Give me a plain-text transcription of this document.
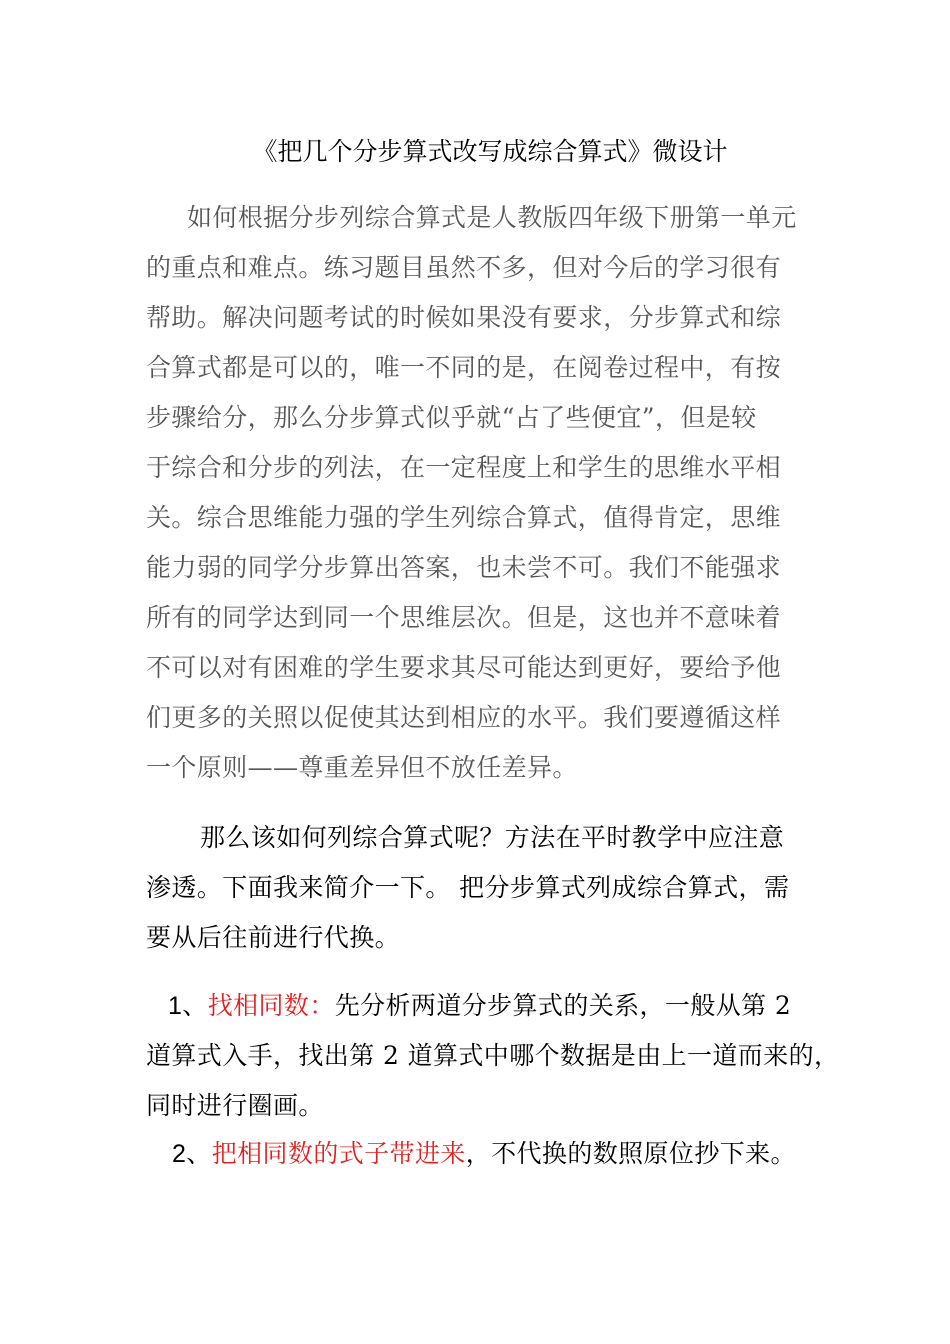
《把几个分步算式改写成综合算式》微设计
如何根据分步列综合算式是人教版四年级下册第一单元
的重点和难点。练习题目虽然不多，但对今后的学习很有
帮助。解决问题考试的时候如果没有要求，分步算式和综
合算式都是可以的，唯一不同的是，在阅卷过程中，有按
步骤给分，那么分步算式似乎就“占了些便宜”，但是较
于综合和分步的列法，在一定程度上和学生的思维水平相
关。综合思维能力强的学生列综合算式，值得肯定，思维
能力弱的同学分步算出答案，也未尝不可。我们不能强求
所有的同学达到同一个思维层次。但是，这也并不意味着
不可以对有困难的学生要求其尽可能达到更好，要给予他
们更多的关照以促使其达到相应的水平。我们要遵循这样
一个原则——尊重差异但不放任差异。
那么该如何列综合算式呢？方法在平时教学中应注意
渗透。下面我来简介一下。 把分步算式列成综合算式，需
要从后往前进行代换。
1、找相同数：先分析两道分步算式的关系，一般从第 2
道算式入手，找出第 2 道算式中哪个数据是由上一道而来的，
同时进行圈画。
2、把相同数的式子带进来，不代换的数照原位抄下来。
